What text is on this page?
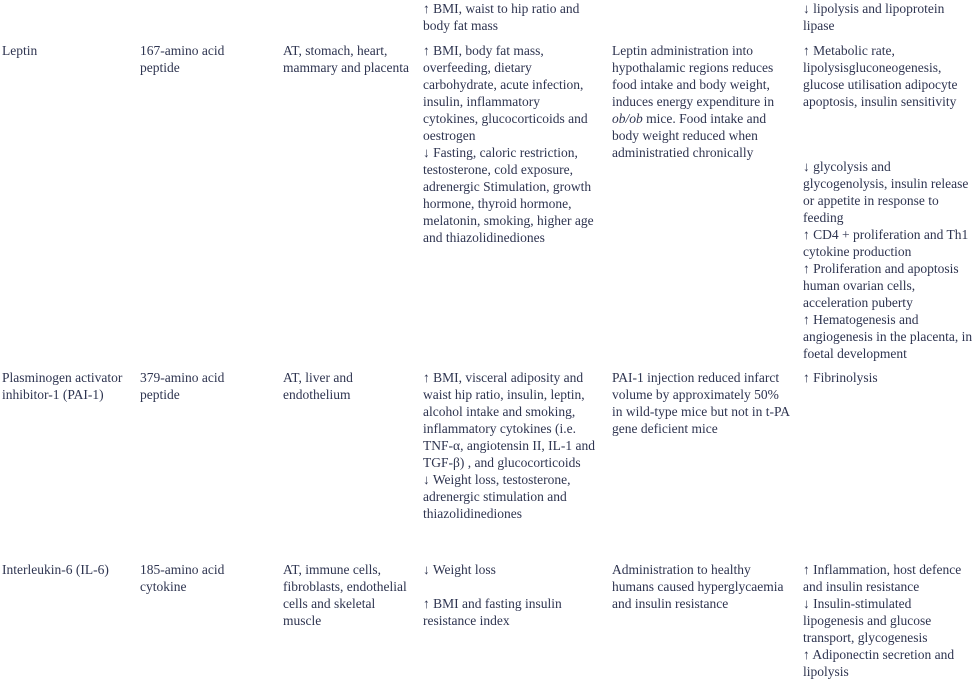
↑ BMI, waist to hip ratio and body fat mass

↓ lipolysis and lipoprotein lipase

Leptin	167-amino acid peptide

AT, stomach, heart, mammary and placenta

↑ BMI, body fat mass, overfeeding, dietary carbohydrate, acute infection, insulin, inflammatory cytokines, glucocorticoids and oestrogen

↓ Fasting, caloric restriction, testosterone, cold exposure, adrenergic Stimulation, growth hormone, thyroid hormone, melatonin, smoking, higher age and thiazolidinediones

Leptin administration into hypothalamic regions reduces food intake and body weight, induces energy expenditure in ob/ob mice. Food intake and body weight reduced when administratied chronically

↑ Metabolic rate, lipolysisgluconeogenesis, glucose utilisation adipocyte apoptosis, insulin sensitivity

↓ glycolysis and glycogenolysis, insulin release or appetite in response to feeding

↑ CD4 + proliferation and Th1 cytokine production

↑ Proliferation and apoptosis human ovarian cells, acceleration puberty

↑ Hematogenesis and angiogenesis in the placenta, in foetal development

Plasminogen activator inhibitor-1 (PAI-1)

379-amino acid peptide

AT, liver and endothelium

↑ BMI, visceral adiposity and waist hip ratio, insulin, leptin, alcohol intake and smoking, inflammatory cytokines (i.e. TNF-α, angiotensin II, IL-1 and TGF-β) , and glucocorticoids

↓ Weight loss, testosterone, adrenergic stimulation and thiazolidinediones

PAI-1 injection reduced infarct volume by approximately 50% in wild-type mice but not in t-PA gene deficient mice

↑ Fibrinolysis

Interleukin-6 (IL-6)	185-amino acid cytokine

AT, immune cells, fibroblasts, endothelial cells and skeletal muscle

↓ Weight loss

↑ BMI and fasting insulin resistance index

Administration to healthy humans caused hyperglycaemia and insulin resistance

↑ Inflammation, host defence and insulin resistance

↓ Insulin-stimulated lipogenesis and glucose transport, glycogenesis

↑ Adiponectin secretion and lipolysis
